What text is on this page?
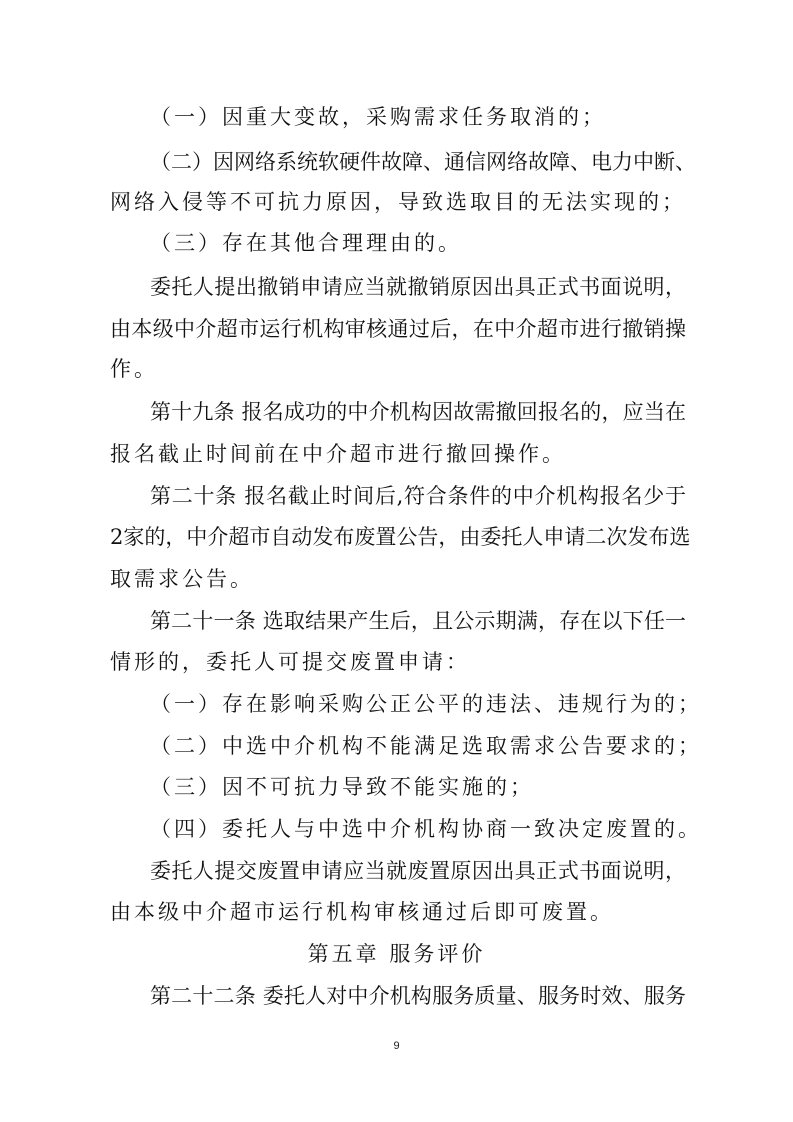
（一）因重大变故，采购需求任务取消的；
（二）因网络系统软硬件故障、通信网络故障、电力中断、
网络入侵等不可抗力原因，导致选取目的无法实现的；
（三）存在其他合理理由的。
委托人提出撤销申请应当就撤销原因出具正式书面说明，
由本级中介超市运行机构审核通过后，在中介超市进行撤销操
作。
第十九条 报名成功的中介机构因故需撤回报名的，应当在
报名截止时间前在中介超市进行撤回操作。
第二十条 报名截止时间后,符合条件的中介机构报名少于
2家的，中介超市自动发布废置公告，由委托人申请二次发布选
取需求公告。
第二十一条 选取结果产生后，且公示期满，存在以下任一
情形的，委托人可提交废置申请：
（一）存在影响采购公正公平的违法、违规行为的；
（二）中选中介机构不能满足选取需求公告要求的；
（三）因不可抗力导致不能实施的；
（四）委托人与中选中介机构协商一致决定废置的。
委托人提交废置申请应当就废置原因出具正式书面说明，
由本级中介超市运行机构审核通过后即可废置。
第五章 服务评价
第二十二条 委托人对中介机构服务质量、服务时效、服务
9
